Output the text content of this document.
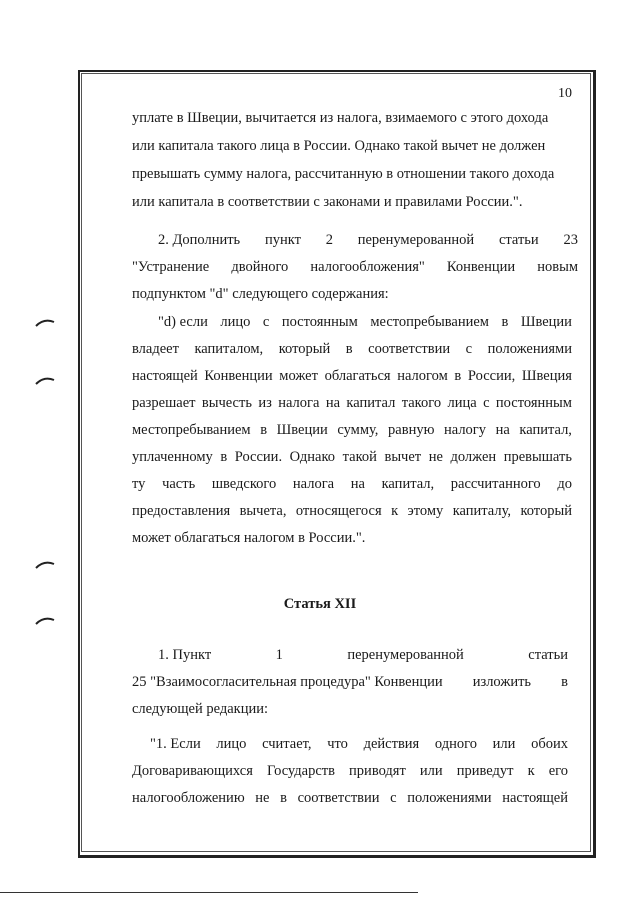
10
уплате в Швеции, вычитается из налога, взимаемого с этого дохода
или капитала такого лица в России. Однако такой вычет не должен
превышать сумму налога, рассчитанную в отношении такого дохода
или капитала в соответствии с законами и правилами России.".
2. Дополнить пункт 2 перенумерованной статьи 23
"Устранение двойного налогообложения" Конвенции новым
подпунктом "d" следующего содержания:
"d) если лицо с постоянным местопребыванием в Швеции
владеет капиталом, который в соответствии с положениями
настоящей Конвенции может облагаться налогом в России, Швеция
разрешает вычесть из налога на капитал такого лица с постоянным
местопребыванием в Швеции сумму, равную налогу на капитал,
уплаченному в России. Однако такой вычет не должен превышать
ту часть шведского налога на капитал, рассчитанного до
предоставления вычета, относящегося к этому капиталу, который
может облагаться налогом в России.".
Статья XII
1. Пункт	1	перенумерованной	статьи
25 "Взаимосогласительная процедура" Конвенции изложить в
следующей редакции:
"1. Если лицо считает, что действия одного или обоих
Договаривающихся Государств приводят или приведут к его
налогообложению не в соответствии с положениями настоящей
